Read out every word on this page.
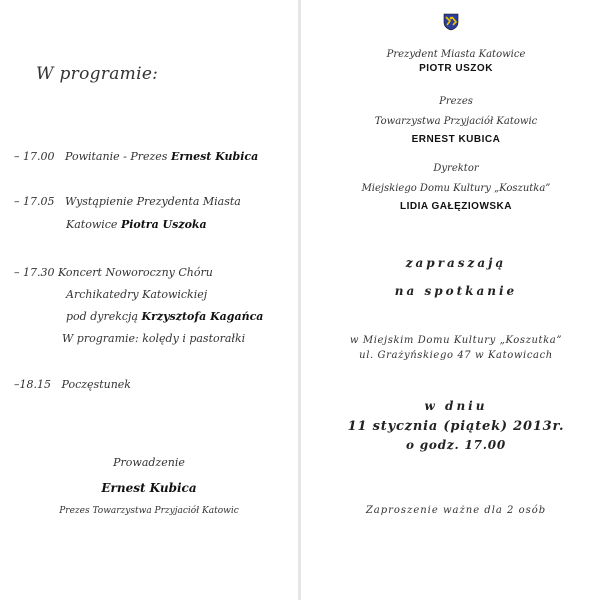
W programie:
– 17.00 Powitanie - Prezes Ernest Kubica
– 17.05 Wystąpienie Prezydenta Miasta
Katowice Piotra Uszoka
– 17.30 Koncert Noworoczny Chóru
Archikatedry Katowickiej
pod dyrekcją Krzysztofa Kagańca
W programie: kolędy i pastorałki
–18.15 Poczęstunek
Prowadzenie
Ernest Kubica
Prezes Towarzystwa Przyjaciół Katowic
Prezydent Miasta Katowice
PIOTR USZOK
Prezes
Towarzystwa Przyjaciół Katowic
ERNEST KUBICA
Dyrektor
Miejskiego Domu Kultury „Koszutka”
LIDIA GAŁĘZIOWSKA
zapraszają
na spotkanie
w Miejskim Domu Kultury „Koszutka”
ul. Grażyńskiego 47 w Katowicach
w dniu
11 stycznia (piątek) 2013r.
o godz. 17.00
Zaproszenie ważne dla 2 osób
